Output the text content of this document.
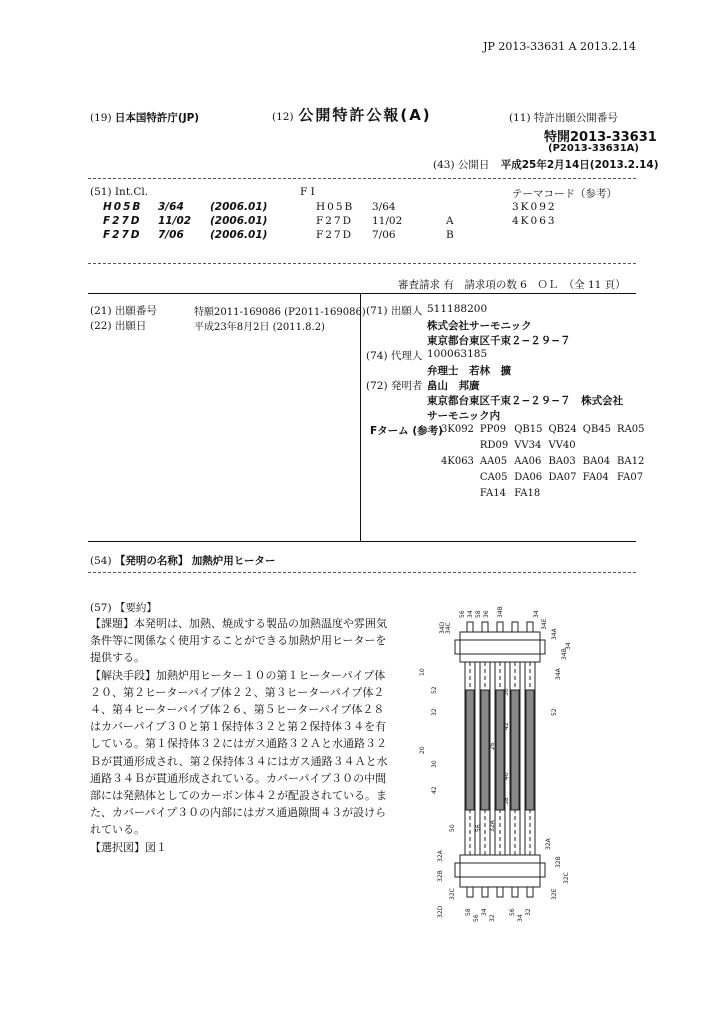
JP 2013-33631 A 2013.2.14
(19) 日本国特許庁(JP)	(12) 公開特許公報(A)	(11) 特許出願公開番号
特開2013-33631
(P2013-33631A)
(43) 公開日 平成25年2月14日(2013.2.14)
(51) Int.Cl.	F I	テーマコード（参考）
H05B 3/64 (2006.01)	H05B 3/64	3K092
F27D 11/02 (2006.01)	F27D 11/02	A	4K063
F27D 7/06 (2006.01)	F27D 7/06	B
審査請求 有　請求項の数 6　ＯＬ　（全 11 頁）
(21) 出願番号	特願2011-169086 (P2011-169086)
(22) 出願日	平成23年8月2日 (2011.8.2)
(71) 出願人 511188200
株式会社サーモニック
東京都台東区千束２−２９−７
(74) 代理人 100063185
弁理士　若林　擴
(72) 発明者 畠山　邦廣
東京都台東区千束２−２９−７　株式会社
サーモニック内
Fターム (参考)
3K092	PP09	QB15	QB24	QB45	RA05
	RD09	VV34	VV40		
4K063	AA05	AA06	BA03	BA04	BA12
	CA05	DA06	DA07	FA04	FA07
	FA14	FA18			
(54) 【発明の名称】 加熱炉用ヒーター
(57) 【要約】

【課題】本発明は、加熱、焼成する製品の加熱温度や雰囲気条件等に関係なく使用することができる加熱炉用ヒーターを提供する。

【解決手段】加熱炉用ヒーター１０の第１ヒーターパイプ体２０、第２ヒーターパイプ体２２、第３ヒーターパイプ体２４、第４ヒーターパイプ体２６、第５ヒーターパイプ体２８はカバーパイプ３０と第１保持体３２と第２保持体３４を有している。第１保持体３２にはガス通路３２Ａと水通路３２Ｂが貫通形成され、第２保持体３４にはガス通路３４Ａと水通路３４Ｂが貫通形成されている。カバーパイプ３０の中間部には発熱体としてのカーボン体４２が配設されている。また、カバーパイプ３０の内部にはガス通過隙間４３が設けられている。

【選択図】図１

56 34 58 36 34B
34C
34D	34E
34A
34
10
52
32
30
42
20
50
32A
32B
32C
32D
36
42
40
38
26
32A
56
34A
34B
34
52
32A
32B
32C
32E
58
56
34
32
56
34
32
